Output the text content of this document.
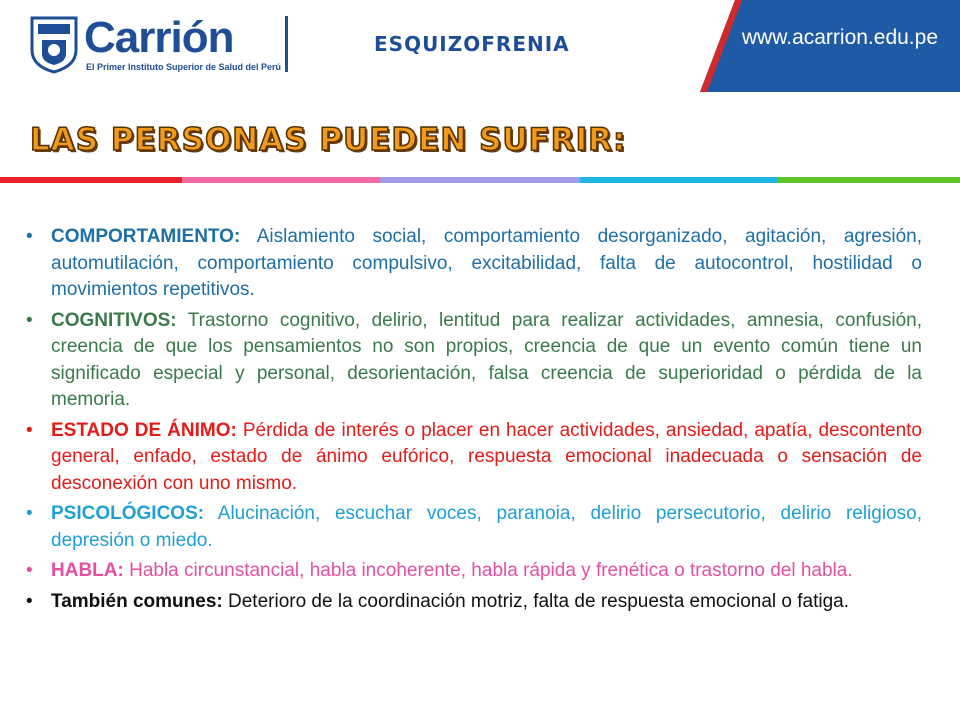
Carrión
El Primer Instituto Superior de Salud del Perú
ESQUIZOFRENIA	www.acarrion.edu.pe
LAS PERSONAS PUEDEN SUFRIR:
• COMPORTAMIENTO: Aislamiento social, comportamiento desorganizado, agitación, agresión, automutilación, comportamiento compulsivo, excitabilidad, falta de autocontrol, hostilidad o movimientos repetitivos.
• COGNITIVOS: Trastorno cognitivo, delirio, lentitud para realizar actividades, amnesia, confusión, creencia de que los pensamientos no son propios, creencia de que un evento común tiene un significado especial y personal, desorientación, falsa creencia de superioridad o pérdida de la memoria.
• ESTADO DE ÁNIMO: Pérdida de interés o placer en hacer actividades, ansiedad, apatía, descontento general, enfado, estado de ánimo eufórico, respuesta emocional inadecuada o sensación de desconexión con uno mismo.
• PSICOLÓGICOS: Alucinación, escuchar voces, paranoia, delirio persecutorio, delirio religioso, depresión o miedo.
• HABLA: Habla circunstancial, habla incoherente, habla rápida y frenética o trastorno del habla.
• También comunes: Deterioro de la coordinación motriz, falta de respuesta emocional o fatiga.
